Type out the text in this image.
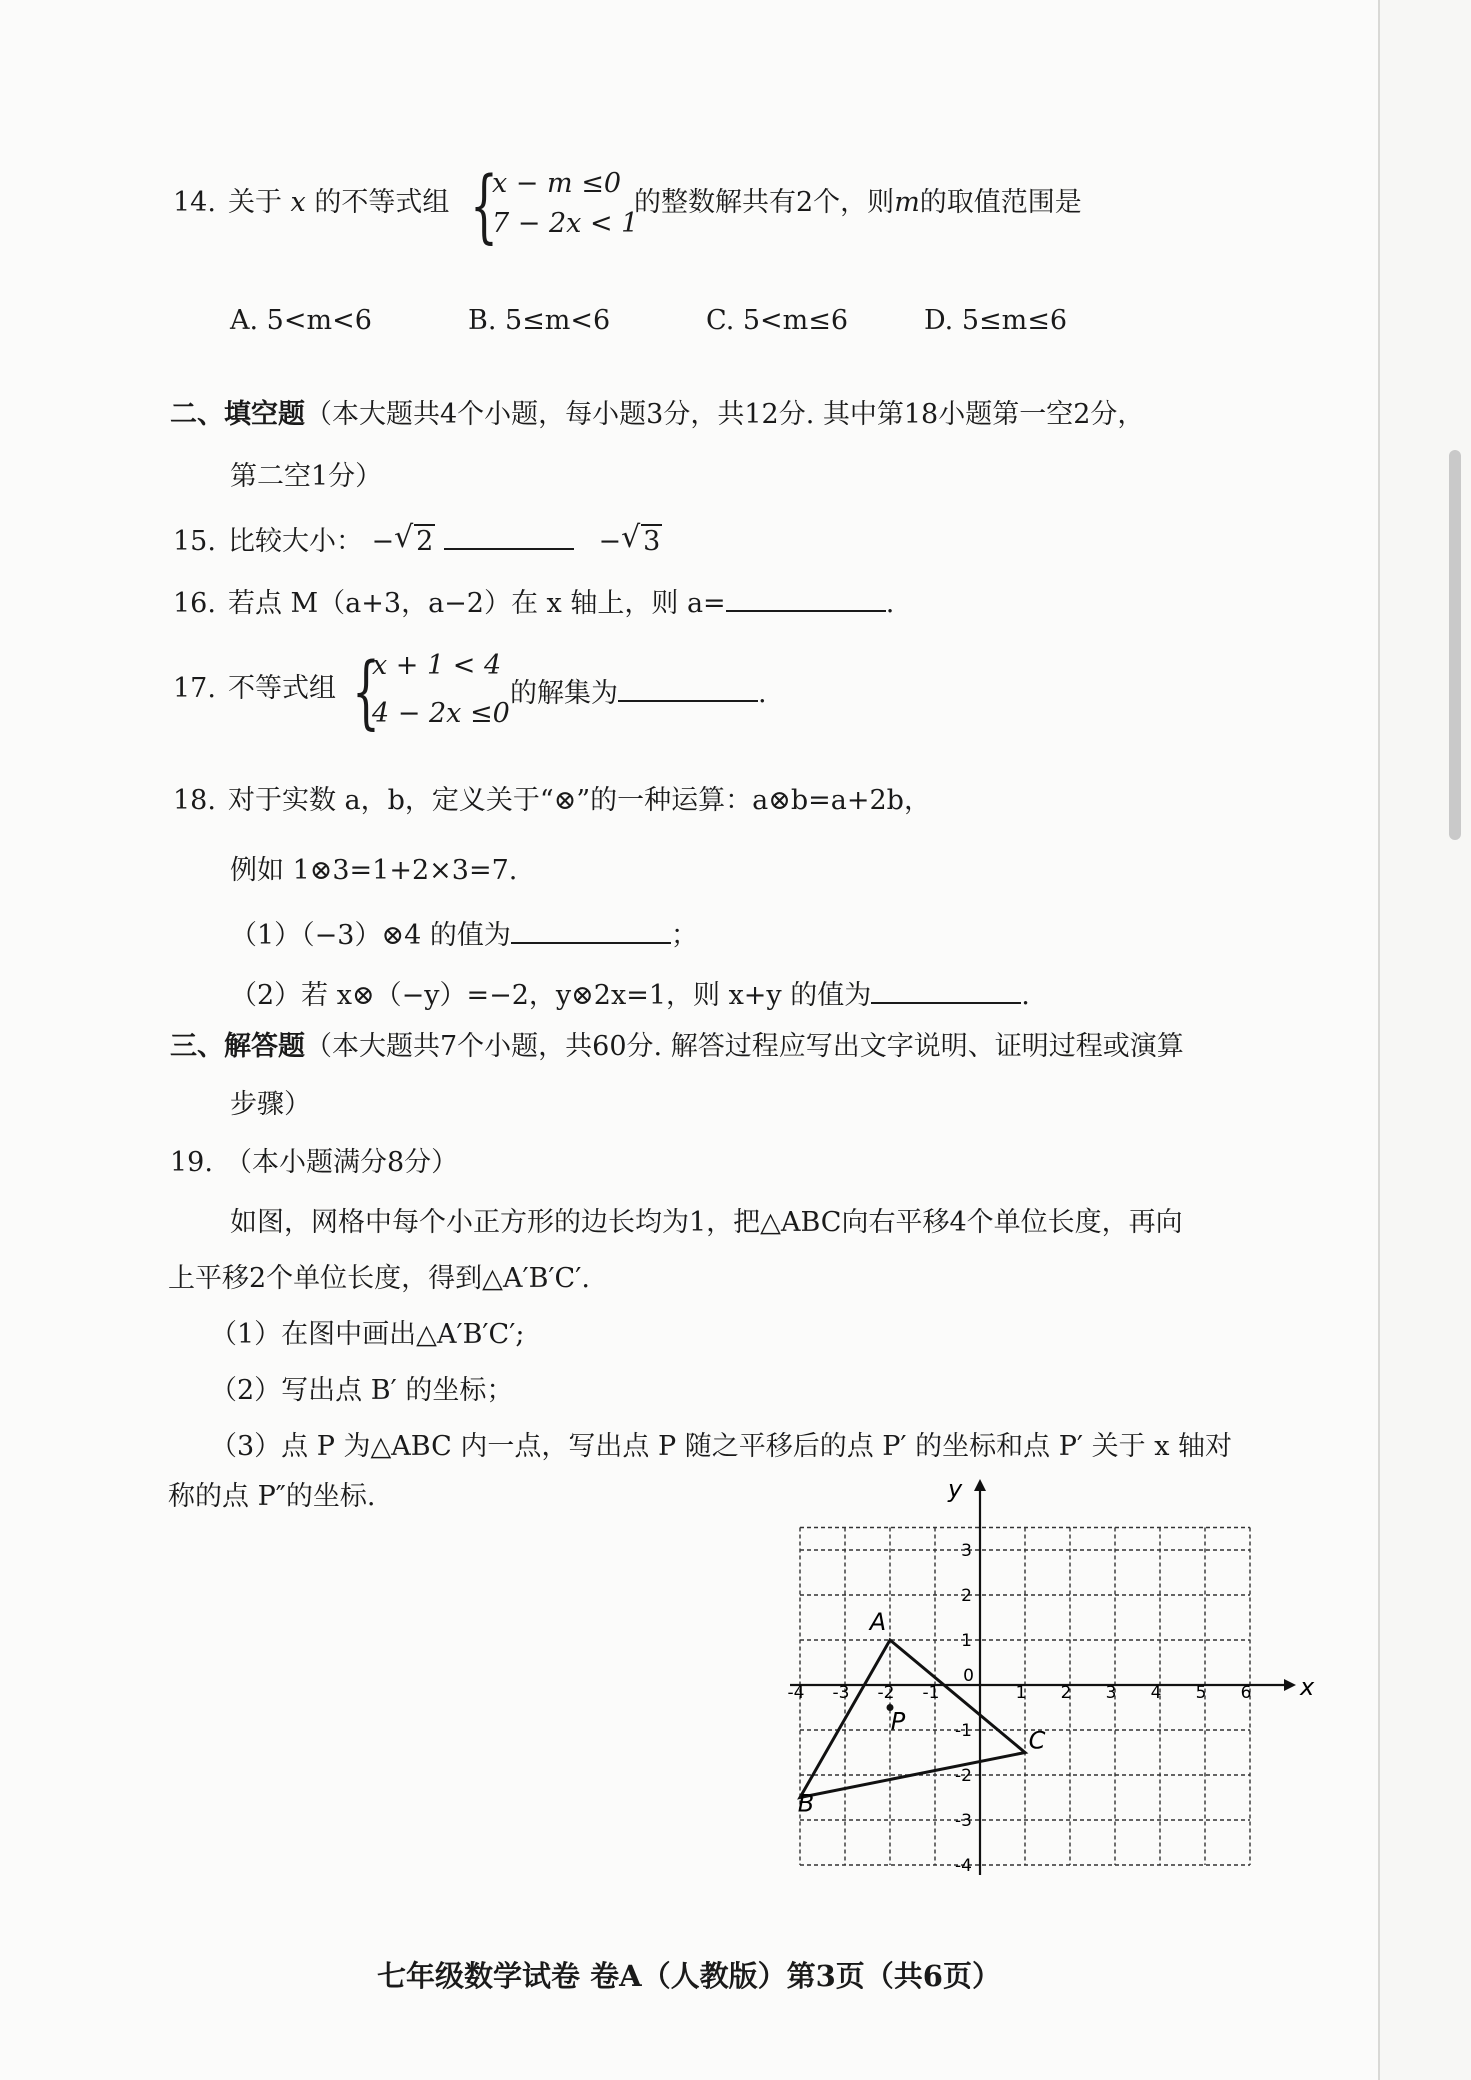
14. 关于 x 的不等式组 {
x − m ≤0
7 − 2x < 1
的整数解共有2个，则m的取值范围是
A. 5<m<6	B. 5≤m<6	C. 5<m≤6	D. 5≤m≤6
二、填空题（本大题共4个小题，每小题3分，共12分. 其中第18小题第一空2分，
第二空1分）
15. 比较大小： − √ 2	− √ 3
16. 若点 M（a+3，a−2）在 x 轴上，则 a=	.
17. 不等式组 {
x + 1 < 4
4 − 2x ≤0
的解集为	.
18. 对于实数 a，b，定义关于“⊗”的一种运算：a⊗b=a+2b，
例如 1⊗3=1+2×3=7.
（1）（−3）⊗4 的值为	；
（2）若 x⊗（−y）=−2，y⊗2x=1，则 x+y 的值为	.
三、解答题（本大题共7个小题，共60分. 解答过程应写出文字说明、证明过程或演算
步骤）
19. （本小题满分8分）
如图，网格中每个小正方形的边长均为1，把△ABC向右平移4个单位长度，再向
上平移2个单位长度，得到△A′B′C′.
（1）在图中画出△A′B′C′;
（2）写出点 B′ 的坐标；
（3）点 P 为△ABC 内一点，写出点 P 随之平移后的点 P′ 的坐标和点 P′ 关于 x 轴对
称的点 P″的坐标.
x
y
0
-4 -3 -2 -1	1 2 3 4 5 6
3
2
1
-1
-2
-3
-4
A
B
C
P
七年级数学试卷 卷A（人教版）第3页（共6页）
